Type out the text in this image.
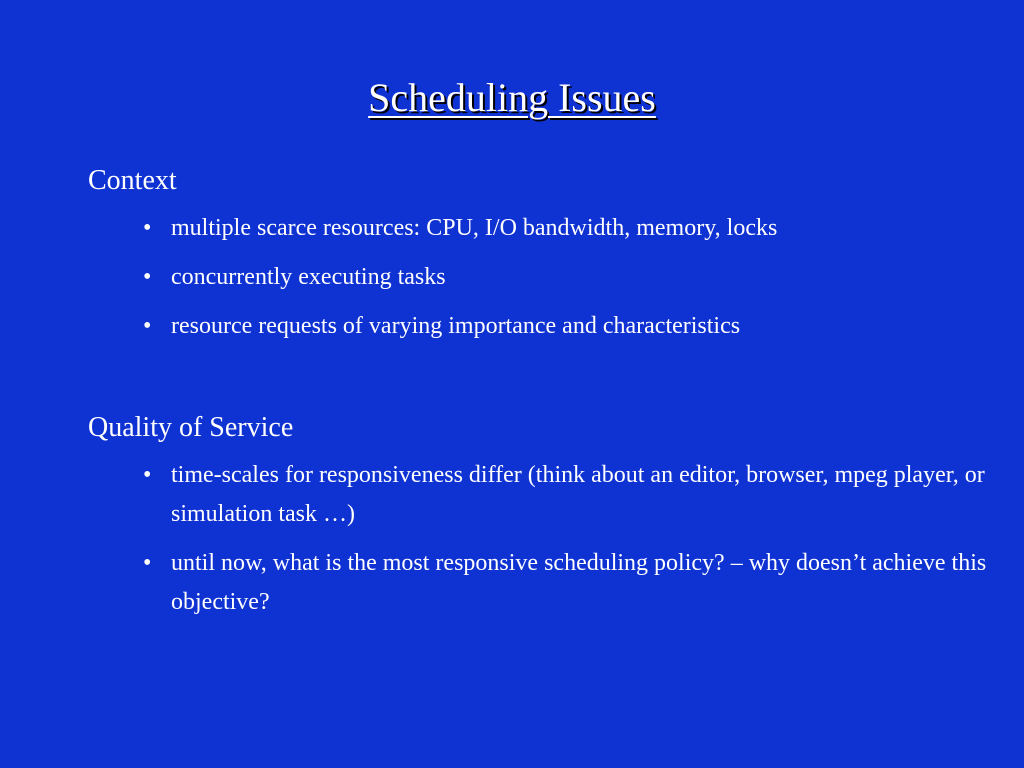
Scheduling Issues

Context

• multiple scarce resources: CPU, I/O bandwidth, memory, locks
• concurrently executing tasks
• resource requests of varying importance and characteristics

Quality of Service

• time-scales for responsiveness differ (think about an editor, browser, mpeg player, or simulation task …)
• until now, what is the most responsive scheduling policy? – why doesn’t achieve this objective?
